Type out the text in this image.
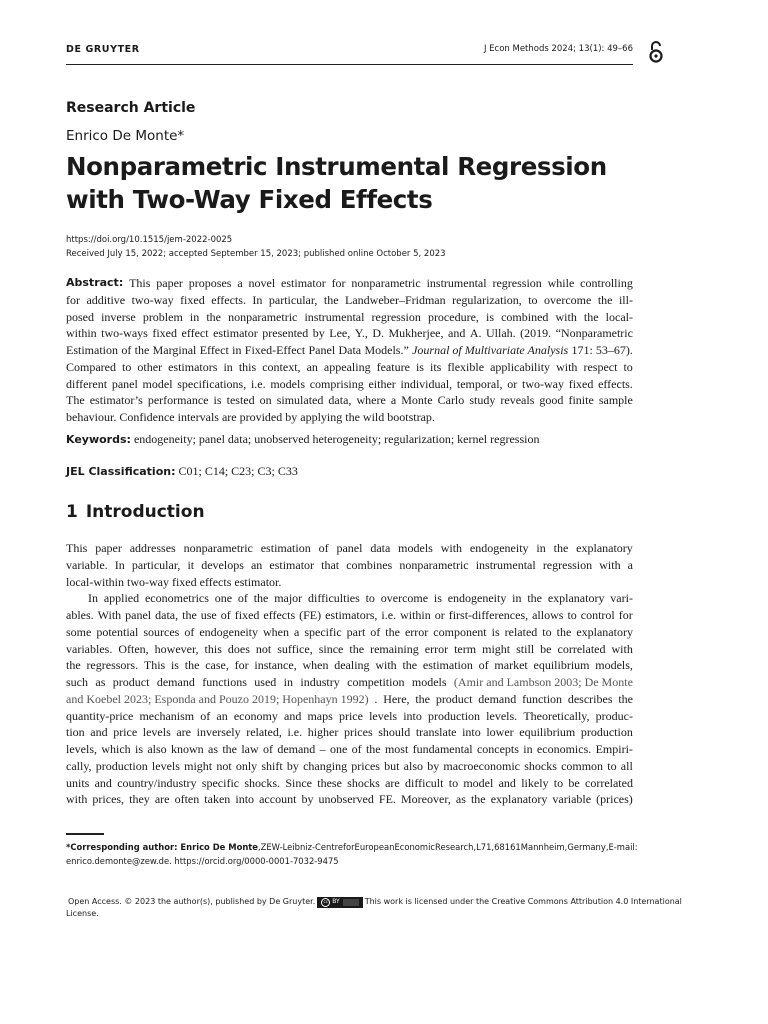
DE GRUYTER	J Econ Methods 2024; 13(1): 49–66
Research Article
Enrico De Monte*
Nonparametric Instrumental Regression
with Two-Way Fixed Effects
https://doi.org/10.1515/jem-2022-0025
Received July 15, 2022; accepted September 15, 2023; published online October 5, 2023
Abstract: This paper proposes a novel estimator for nonparametric instrumental regression while controlling
for additive two-way fixed effects. In particular, the Landweber–Fridman regularization, to overcome the ill-
posed inverse problem in the nonparametric instrumental regression procedure, is combined with the local-
within two-ways fixed effect estimator presented by Lee, Y., D. Mukherjee, and A. Ullah. (2019. “Nonparametric
Estimation of the Marginal Effect in Fixed-Effect Panel Data Models.” Journal of Multivariate Analysis 171: 53–67).
Compared to other estimators in this context, an appealing feature is its flexible applicability with respect to
different panel model specifications, i.e. models comprising either individual, temporal, or two-way fixed effects.
The estimator’s performance is tested on simulated data, where a Monte Carlo study reveals good finite sample
behaviour. Confidence intervals are provided by applying the wild bootstrap.
Keywords: endogeneity; panel data; unobserved heterogeneity; regularization; kernel regression
JEL Classification: C01; C14; C23; C3; C33
1 Introduction
This paper addresses nonparametric estimation of panel data models with endogeneity in the explanatory
variable. In particular, it develops an estimator that combines nonparametric instrumental regression with a
local-within two-way fixed effects estimator.
In applied econometrics one of the major difficulties to overcome is endogeneity in the explanatory vari-
ables. With panel data, the use of fixed effects (FE) estimators, i.e. within or first-differences, allows to control for
some potential sources of endogeneity when a specific part of the error component is related to the explanatory
variables. Often, however, this does not suffice, since the remaining error term might still be correlated with
the regressors. This is the case, for instance, when dealing with the estimation of market equilibrium models,
such as product demand functions used in industry competition models (Amir and Lambson 2003; De Monte
and Koebel 2023; Esponda and Pouzo 2019; Hopenhayn 1992) . Here, the product demand function describes the
quantity-price mechanism of an economy and maps price levels into production levels. Theoretically, produc-
tion and price levels are inversely related, i.e. higher prices should translate into lower equilibrium production
levels, which is also known as the law of demand – one of the most fundamental concepts in economics. Empiri-
cally, production levels might not only shift by changing prices but also by macroeconomic shocks common to all
units and country/industry specific shocks. Since these shocks are difficult to model and likely to be correlated
with prices, they are often taken into account by unobserved FE. Moreover, as the explanatory variable (prices)
*Corresponding author: Enrico De Monte , ZEW-Leibniz-Centre for European Economic Research, L7 1, 68161 Mannheim, Germany, E-mail:
enrico.demonte@zew.de. https://orcid.org/0000-0001-7032-9475
Open Access. © 2023 the author(s), published by De Gruyter.	cc BY	This work is licensed under the Creative Commons Attribution 4.0 International
License.
